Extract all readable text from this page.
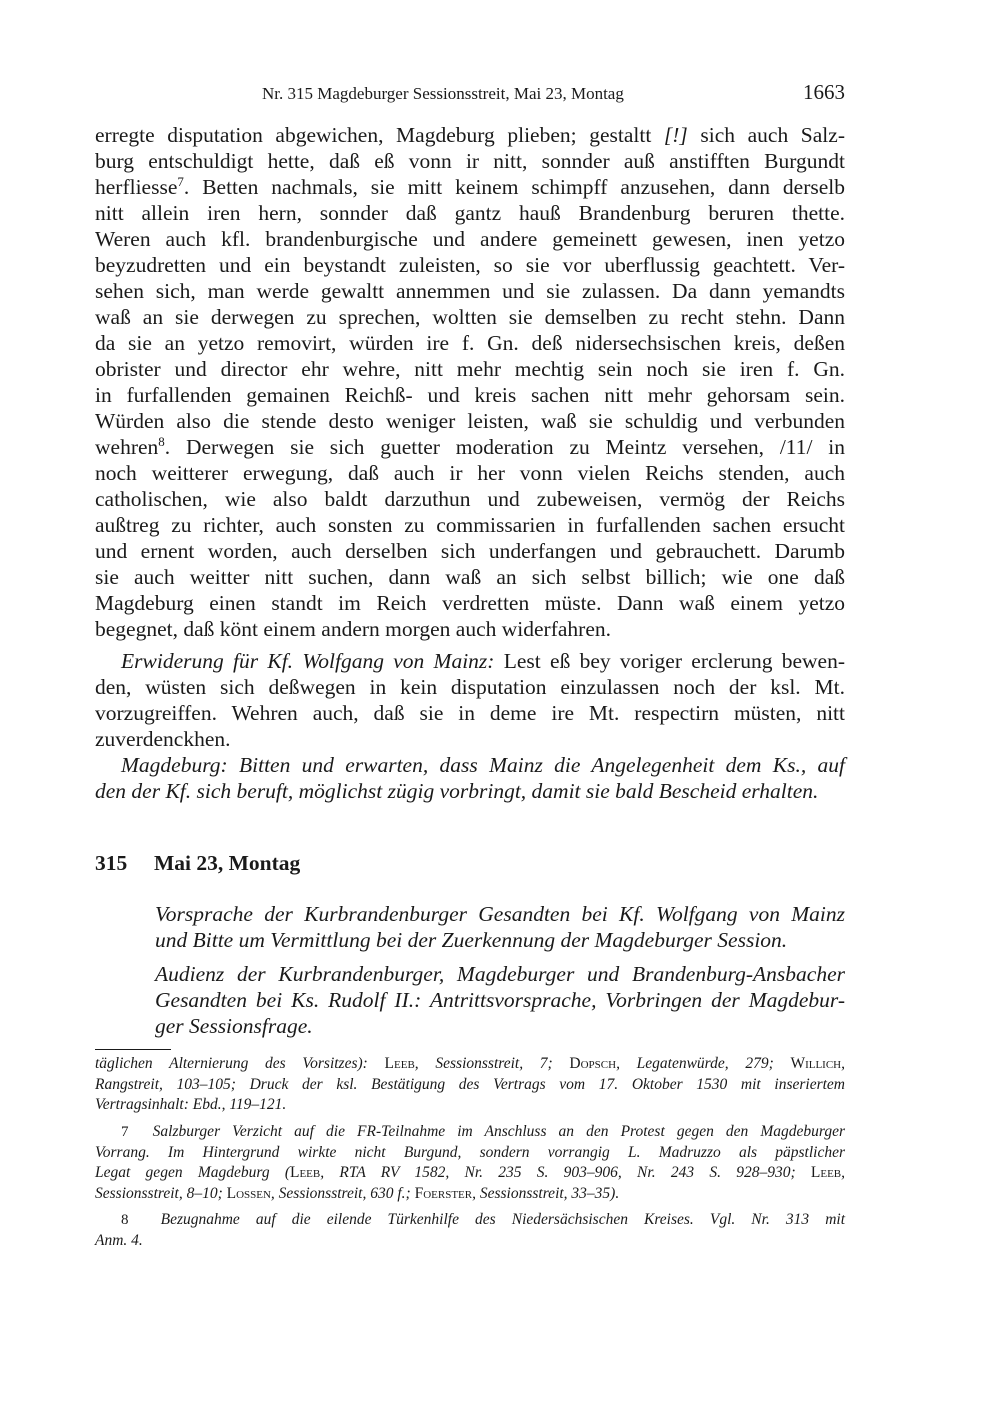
Nr. 315 Magdeburger Sessionsstreit, Mai 23, Montag	1663
erregte disputation abgewichen, Magdeburg plieben; gestaltt [!] sich auch Salz-
burg entschuldigt hette, daß eß vonn ir nitt, sonnder auß anstifften Burgundt
herfliesse$^7$. Betten nachmals, sie mitt keinem schimpff anzusehen, dann derselb
nitt allein iren hern, sonnder daß gantz hauß Brandenburg beruren thette.
Weren auch kfl. brandenburgische und andere gemeinett gewesen, inen yetzo
beyzudretten und ein beystandt zuleisten, so sie vor uberflussig geachtett. Ver-
sehen sich, man werde gewaltt annemmen und sie zulassen. Da dann yemandts
waß an sie derwegen zu sprechen, woltten sie demselben zu recht stehn. Dann
da sie an yetzo removirt, würden ire f. Gn. deß nidersechsischen kreis, deßen
obrister und director ehr wehre, nitt mehr mechtig sein noch sie iren f. Gn.
in furfallenden gemainen Reichß- und kreis sachen nitt mehr gehorsam sein.
Würden also die stende desto weniger leisten, waß sie schuldig und verbunden
wehren$^8$. Derwegen sie sich guetter moderation zu Meintz versehen, /11/ in
noch weitterer erwegung, daß auch ir her vonn vielen Reichs stenden, auch
catholischen, wie also baldt darzuthun und zubeweisen, vermög der Reichs
außtreg zu richter, auch sonsten zu commissarien in furfallenden sachen ersucht
und ernent worden, auch derselben sich underfangen und gebrauchett. Darumb
sie auch weitter nitt suchen, dann waß an sich selbst billich; wie one daß
Magdeburg einen standt im Reich verdretten müste. Dann waß einem yetzo
begegnet, daß könt einem andern morgen auch widerfahren.
Erwiderung für Kf. Wolfgang von Mainz: Lest eß bey voriger erclerung bewen-
den, wüsten sich deßwegen in kein disputation einzulassen noch der ksl. Mt.
vorzugreiffen. Wehren auch, daß sie in deme ire Mt. respectirn müsten, nitt
zuverdenckhen.
Magdeburg: Bitten und erwarten, dass Mainz die Angelegenheit dem Ks., auf
den der Kf. sich beruft, möglichst zügig vorbringt, damit sie bald Bescheid erhalten.
315 Mai 23, Montag
Vorsprache der Kurbrandenburger Gesandten bei Kf. Wolfgang von Mainz
und Bitte um Vermittlung bei der Zuerkennung der Magdeburger Session.
Audienz der Kurbrandenburger, Magdeburger und Brandenburg-Ansbacher
Gesandten bei Ks. Rudolf II.: Antrittsvorsprache, Vorbringen der Magdebur-
ger Sessionsfrage.
täglichen Alternierung des Vorsitzes): Leeb, Sessionsstreit, 7; Dopsch, Legatenwürde, 279; Willich,
Rangstreit, 103–105; Druck der ksl. Bestätigung des Vertrags vom 17. Oktober 1530 mit inseriertem
Vertragsinhalt: Ebd., 119–121.
7 Salzburger Verzicht auf die FR-Teilnahme im Anschluss an den Protest gegen den Magdeburger
Vorrang. Im Hintergrund wirkte nicht Burgund, sondern vorrangig L. Madruzzo als päpstlicher
Legat gegen Magdeburg (Leeb, RTA RV 1582, Nr. 235 S. 903–906, Nr. 243 S. 928–930; Leeb,
Sessionsstreit, 8–10; Lossen, Sessionsstreit, 630 f.; Foerster, Sessionsstreit, 33–35).
8 Bezugnahme auf die eilende Türkenhilfe des Niedersächsischen Kreises. Vgl. Nr. 313 mit
Anm. 4.
